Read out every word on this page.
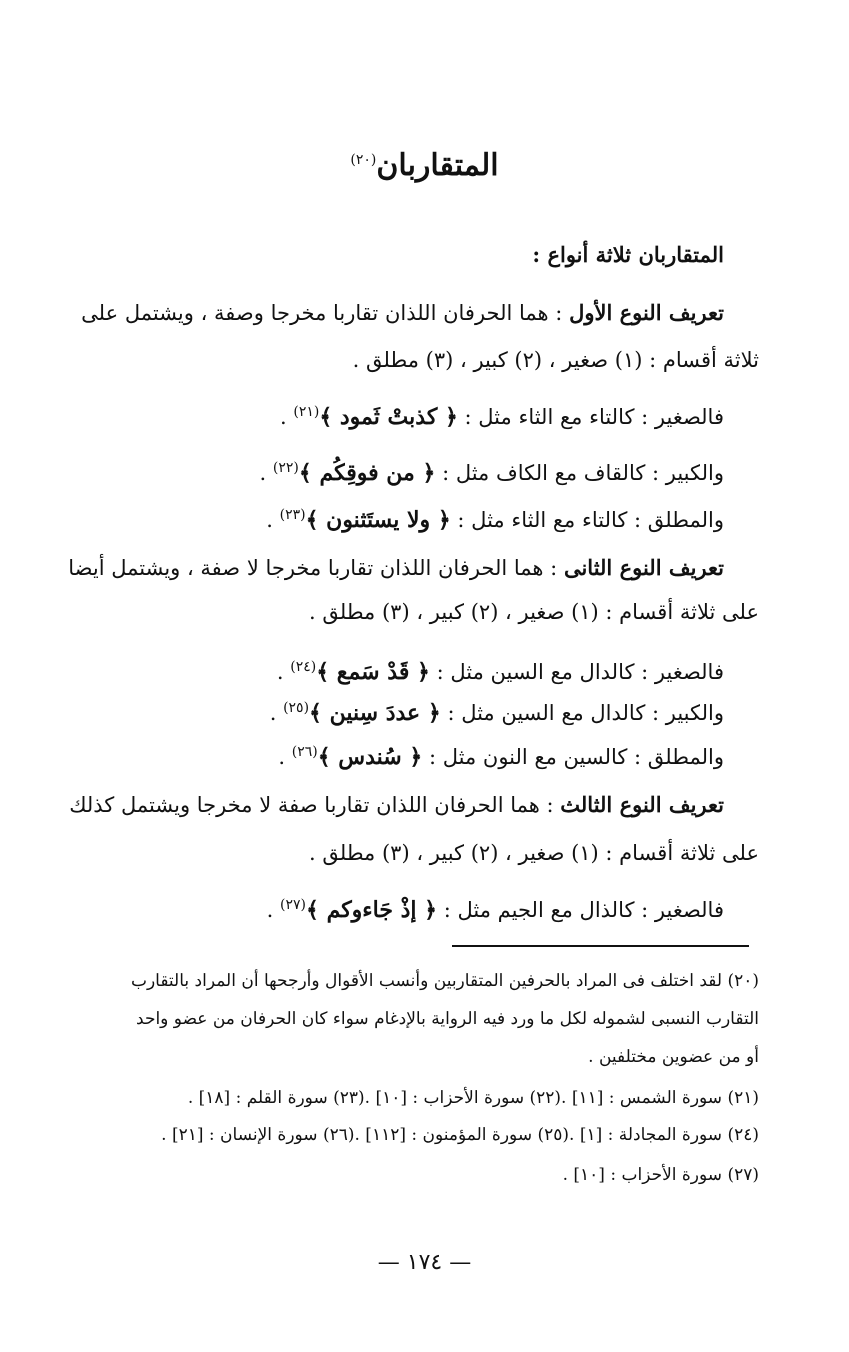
المتقاربان$^{(٢٠)}$
المتقاربان ثلاثة أنواع :
تعريف النوع الأول : هما الحرفان اللذان تقاربا مخرجا وصفة ، ويشتمل على
ثلاثة أقسام : (١) صغير ، (٢) كبير ، (٣) مطلق .
فالصغير : كالتاء مع الثاء مثل : ﴿ كذبتْ ثَمود ﴾$^{(٢١)}$ .
والكبير : كالقاف مع الكاف مثل : ﴿ من فوقِكُم ﴾$^{(٢٢)}$ .
والمطلق : كالتاء مع الثاء مثل : ﴿ ولا يستَثنون ﴾$^{(٢٣)}$ .
تعريف النوع الثانى : هما الحرفان اللذان تقاربا مخرجا لا صفة ، ويشتمل أيضا
على ثلاثة أقسام : (١) صغير ، (٢) كبير ، (٣) مطلق .
فالصغير : كالدال مع السين مثل : ﴿ قَدْ سَمع ﴾$^{(٢٤)}$ .
والكبير : كالدال مع السين مثل : ﴿ عددَ سِنين ﴾$^{(٢٥)}$ .
والمطلق : كالسين مع النون مثل : ﴿ سُندس ﴾$^{(٢٦)}$ .
تعريف النوع الثالث : هما الحرفان اللذان تقاربا صفة لا مخرجا ويشتمل كذلك
على ثلاثة أقسام : (١) صغير ، (٢) كبير ، (٣) مطلق .
فالصغير : كالذال مع الجيم مثل : ﴿ إذْ جَاءوكم ﴾$^{(٢٧)}$ .
(٢٠) لقد اختلف فى المراد بالحرفين المتقاربين وأنسب الأقوال وأرجحها أن المراد بالتقارب
التقارب النسبى لشموله لكل ما ورد فيه الرواية بالإدغام سواء كان الحرفان من عضو واحد
أو من عضوين مختلفين .
(٢١) سورة الشمس : [١١] .(٢٢) سورة الأحزاب : [١٠] .(٢٣) سورة القلم : [١٨] .
(٢٤) سورة المجادلة : [١] .(٢٥) سورة المؤمنون : [١١٢] .(٢٦) سورة الإنسان : [٢١] .
(٢٧) سورة الأحزاب : [١٠] .
— ١٧٤ —
